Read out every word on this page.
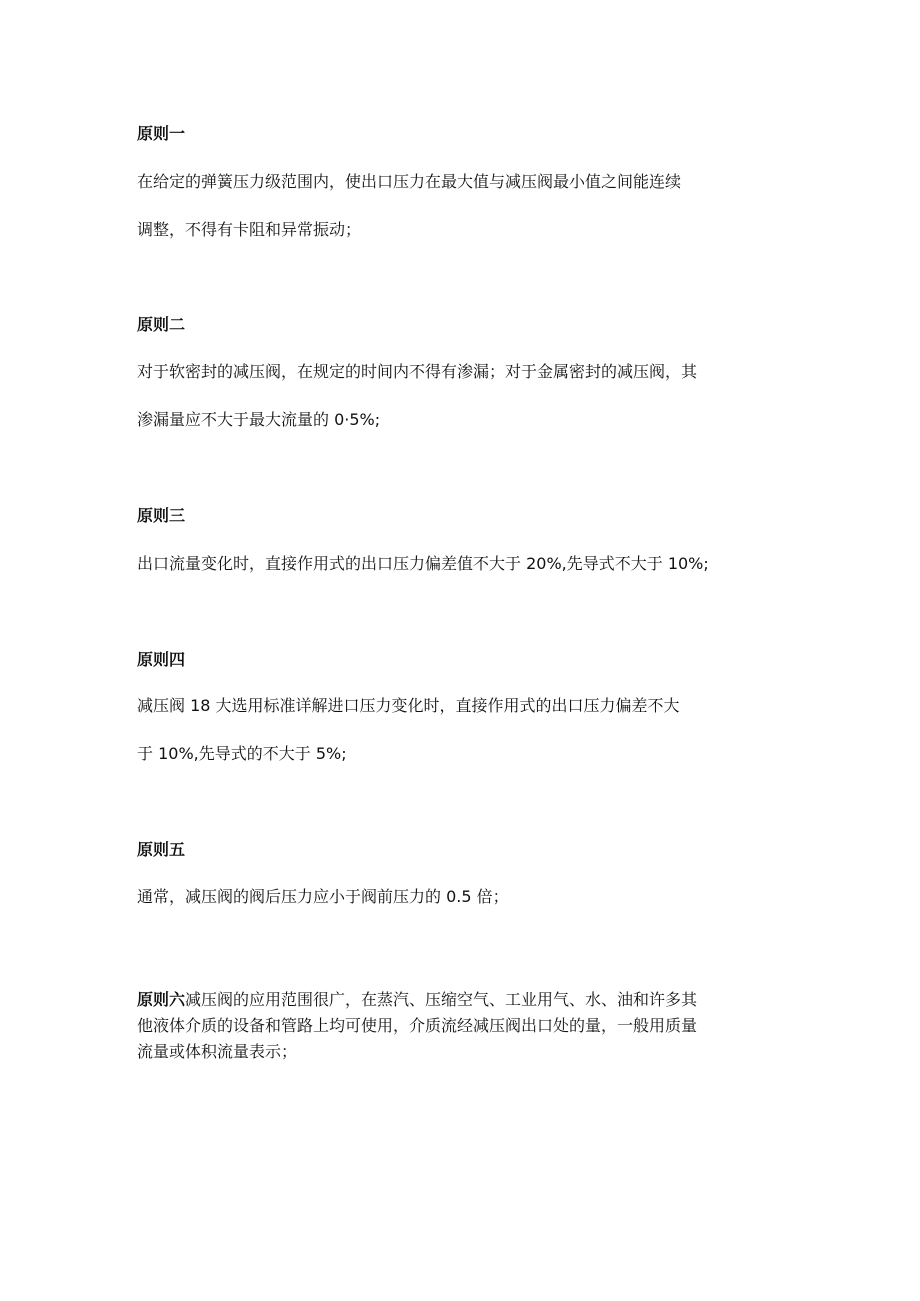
原则一
在给定的弹簧压力级范围内，使出口压力在最大值与减压阀最小值之间能连续
调整，不得有卡阻和异常振动；
原则二
对于软密封的减压阀，在规定的时间内不得有渗漏；对于金属密封的减压阀，其
渗漏量应不大于最大流量的 0·5%;
原则三
出口流量变化时，直接作用式的出口压力偏差值不大于 20%,先导式不大于 10%;
原则四
减压阀 18 大选用标准详解进口压力变化时，直接作用式的出口压力偏差不大
于 10%,先导式的不大于 5%;
原则五
通常，减压阀的阀后压力应小于阀前压力的 0.5 倍；
原则六减压阀的应用范围很广，在蒸汽、压缩空气、工业用气、水、油和许多其
他液体介质的设备和管路上均可使用，介质流经减压阀出口处的量，一般用质量
流量或体积流量表示；
